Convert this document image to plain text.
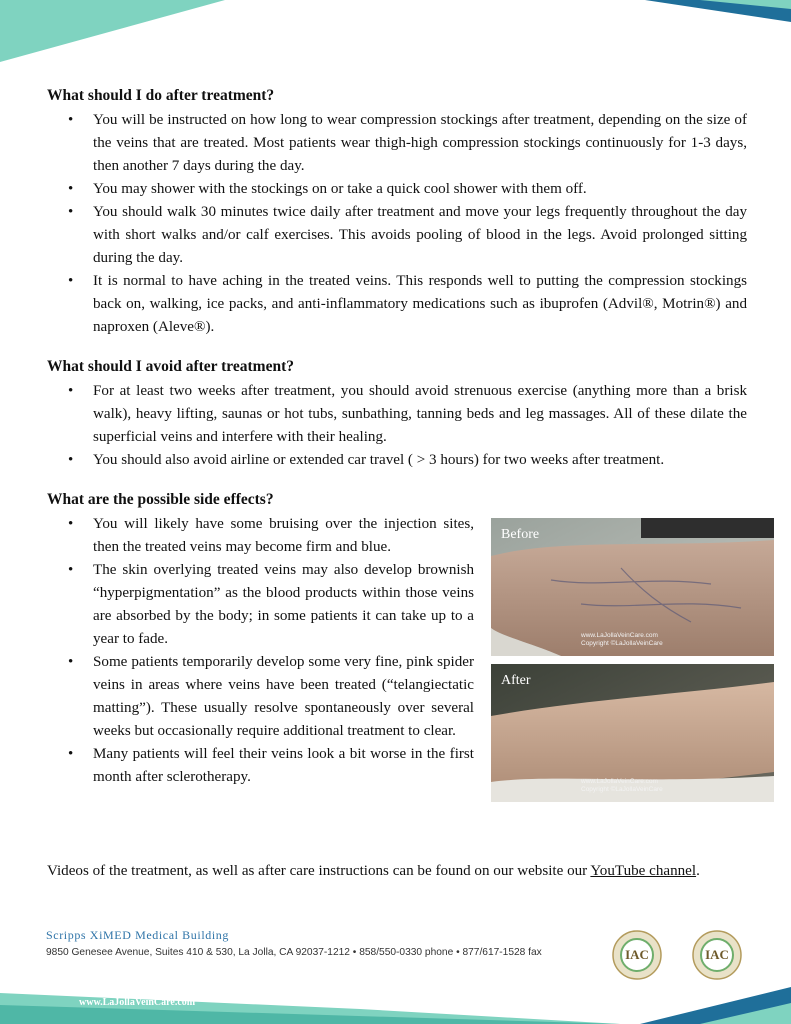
What should I do after treatment?
• You will be instructed on how long to wear compression stockings after treatment, depending on the size of the veins that are treated. Most patients wear thigh-high compression stockings continuously for 1-3 days, then another 7 days during the day.
• You may shower with the stockings on or take a quick cool shower with them off.
• You should walk 30 minutes twice daily after treatment and move your legs frequently throughout the day with short walks and/or calf exercises. This avoids pooling of blood in the legs. Avoid prolonged sitting during the day.
• It is normal to have aching in the treated veins. This responds well to putting the compression stockings back on, walking, ice packs, and anti-inflammatory medications such as ibuprofen (Advil®, Motrin®) and naproxen (Aleve®).
What should I avoid after treatment?
• For at least two weeks after treatment, you should avoid strenuous exercise (anything more than a brisk walk), heavy lifting, saunas or hot tubs, sunbathing, tanning beds and leg massages. All of these dilate the superficial veins and interfere with their healing.
• You should also avoid airline or extended car travel ( > 3 hours) for two weeks after treatment.
What are the possible side effects?
• You will likely have some bruising over the injection sites, then the treated veins may become firm and blue.
• The skin overlying treated veins may also develop brownish “hyperpigmentation” as the blood products within those veins are absorbed by the body; in some patients it can take up to a year to fade.
• Some patients temporarily develop some very fine, pink spider veins in areas where veins have been treated (“telangiectatic matting”). These usually resolve spontaneously over several weeks but occasionally require additional treatment to clear.
• Many patients will feel their veins look a bit worse in the first month after sclerotherapy.
Before
www.LaJollaVeinCare.com
Copyright ©LaJollaVeinCare
After
www.LaJollaVeinCare.com
Copyright ©LaJollaVeinCare
Videos of the treatment, as well as after care instructions can be found on our website our YouTube channel.
Scripps XiMED Medical Building
9850 Genesee Avenue, Suites 410 & 530, La Jolla, CA 92037-1212 • 858/550-0330 phone • 877/617-1528 fax	IAC	IAC
www.LaJollaVeinCare.com
